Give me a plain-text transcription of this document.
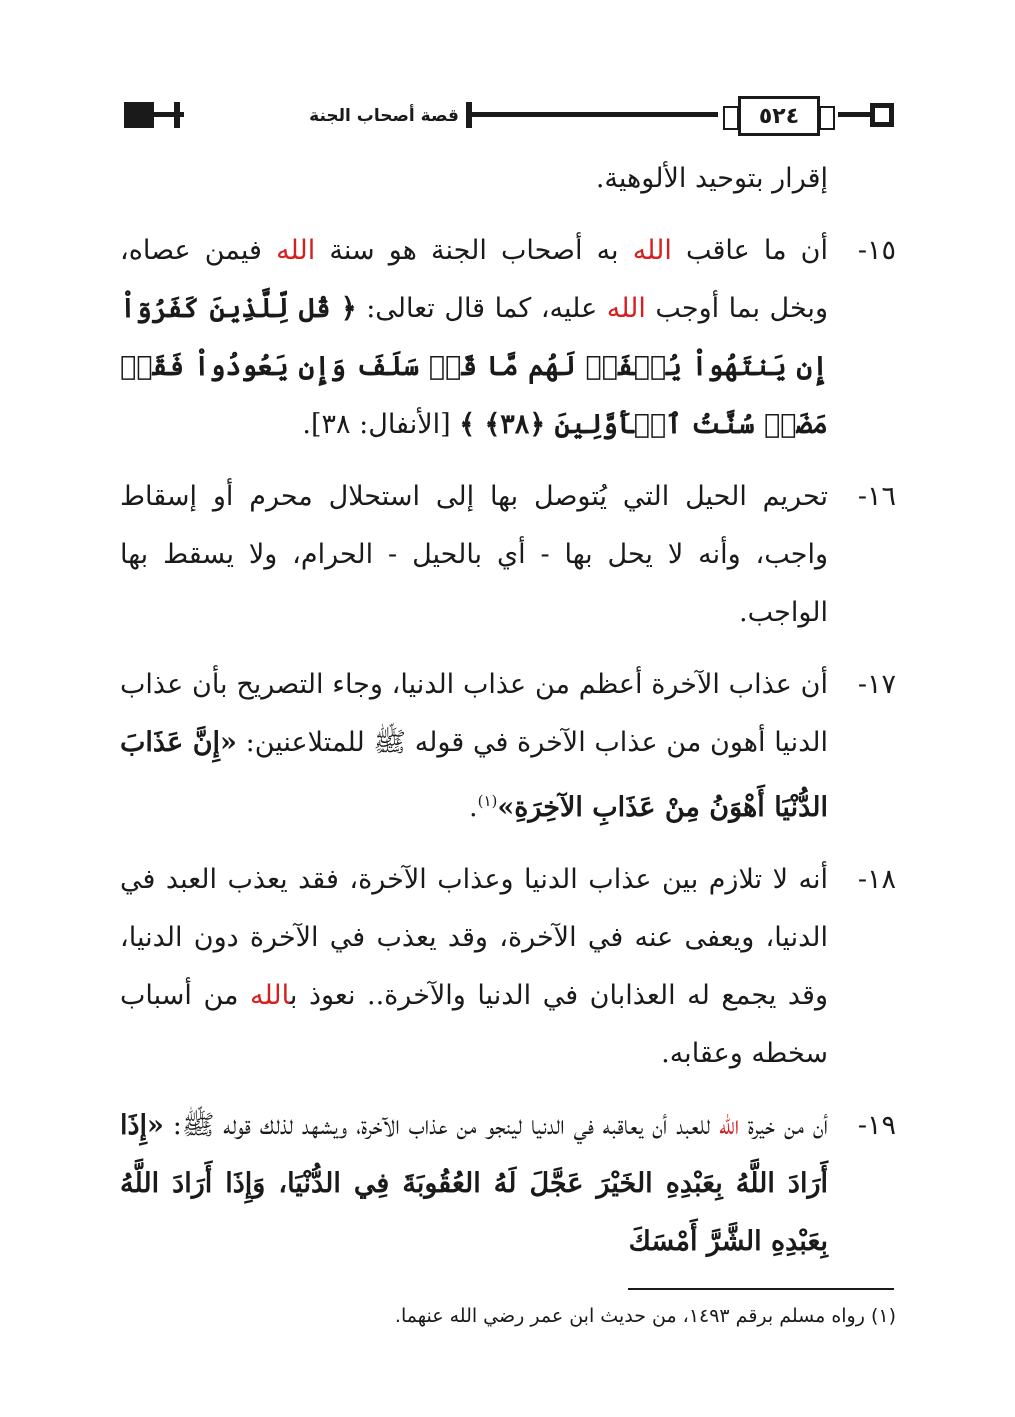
قصة أصحاب الجنة	٥٢٤

إقرار بتوحيد الألوهية.

١٥-
أن ما عاقب الله به أصحاب الجنة هو سنة الله فيمن عصاه، وبخل بما أوجب الله عليه، كما قال تعالى: ﴿ قُل لِّلَّذِينَ كَفَرُوٓاْ إِن يَنتَهُواْ يُغۡفَرۡ لَهُم مَّا قَدۡ سَلَفَ وَإِن يَعُودُواْ فَقَدۡ مَضَتۡ سُنَّتُ ٱلۡأَوَّلِينَ ﴿٣٨﴾ ﴾ [الأنفال: ٣٨].

١٦-
تحريم الحيل التي يُتوصل بها إلى استحلال محرم أو إسقاط واجب، وأنه لا يحل بها - أي بالحيل - الحرام، ولا يسقط بها الواجب.

١٧-
أن عذاب الآخرة أعظم من عذاب الدنيا، وجاء التصريح بأن عذاب الدنيا أهون من عذاب الآخرة في قوله ﷺ للمتلاعنين: «إِنَّ عَذَابَ الدُّنْيَا أَهْوَنُ مِنْ عَذَابِ الآخِرَةِ»$^{(١)}$.

١٨-
أنه لا تلازم بين عذاب الدنيا وعذاب الآخرة، فقد يعذب العبد في الدنيا، ويعفى عنه في الآخرة، وقد يعذب في الآخرة دون الدنيا، وقد يجمع له العذابان في الدنيا والآخرة.. نعوذ بالله من أسباب سخطه وعقابه.

١٩-
أن من خيرة الله للعبد أن يعاقبه في الدنيا لينجو من عذاب الآخرة، ويشهد لذلك قوله ﷺ: «إِذَا أَرَادَ اللَّهُ بِعَبْدِهِ الخَيْرَ عَجَّلَ لَهُ العُقُوبَةَ فِي الدُّنْيَا، وَإِذَا أَرَادَ اللَّهُ بِعَبْدِهِ الشَّرَّ أَمْسَكَ

(١) رواه مسلم برقم ١٤٩٣، من حديث ابن عمر رضي الله عنهما.
